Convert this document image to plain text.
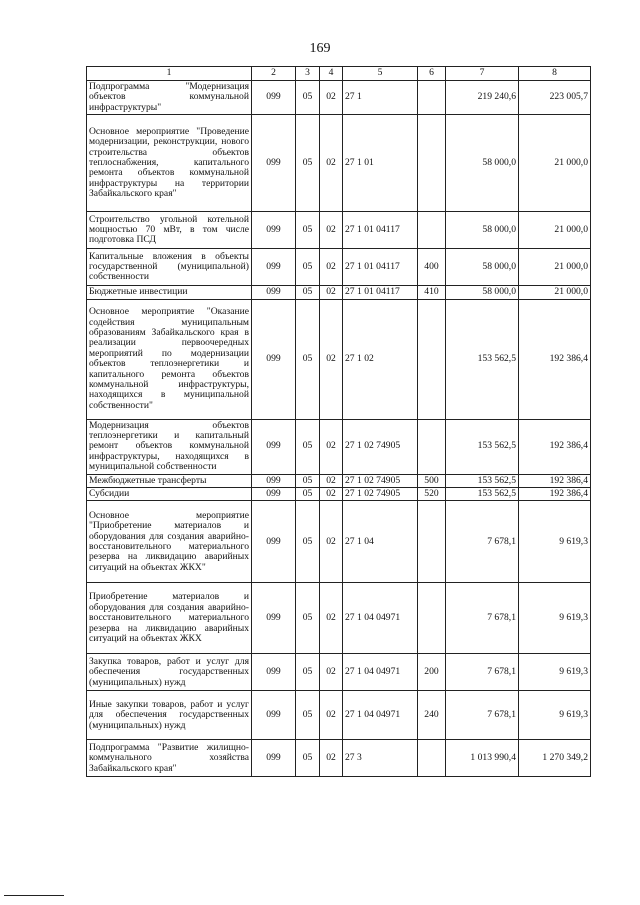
169
1	2	3	4	5	6	7	8
Подпрограмма "Модернизация объектов коммунальной инфраструктуры"	099	05	02	27 1		219 240,6	223 005,7
Основное мероприятие "Проведение модернизации, реконструкции, нового строительства объектов теплоснабжения, капитального ремонта объектов коммунальной инфраструктуры на территории Забайкальского края"	099	05	02	27 1 01		58 000,0	21 000,0
Строительство угольной котельной мощностью 70 мВт, в том числе подготовка ПСД	099	05	02	27 1 01 04117		58 000,0	21 000,0
Капитальные вложения в объекты государственной (муниципальной) собственности	099	05	02	27 1 01 04117	400	58 000,0	21 000,0
Бюджетные инвестиции	099	05	02	27 1 01 04117	410	58 000,0	21 000,0
Основное мероприятие "Оказание содействия муниципальным образованиям Забайкальского края в реализации первоочередных мероприятий по модернизации объектов теплоэнергетики и капитального ремонта объектов коммунальной инфраструктуры, находящихся в муниципальной собственности"	099	05	02	27 1 02		153 562,5	192 386,4
Модернизация объектов теплоэнергетики и капитальный ремонт объектов коммунальной инфраструктуры, находящихся в муниципальной собственности	099	05	02	27 1 02 74905		153 562,5	192 386,4
Межбюджетные трансферты	099	05	02	27 1 02 74905	500	153 562,5	192 386,4
Субсидии	099	05	02	27 1 02 74905	520	153 562,5	192 386,4
Основное мероприятие "Приобретение материалов и оборудования для создания аварийно-восстановительного материального резерва на ликвидацию аварийных ситуаций на объектах ЖКХ"	099	05	02	27 1 04		7 678,1	9 619,3
Приобретение материалов и оборудования для создания аварийно-восстановительного материального резерва на ликвидацию аварийных ситуаций на объектах ЖКХ	099	05	02	27 1 04 04971		7 678,1	9 619,3
Закупка товаров, работ и услуг для обеспечения государственных (муниципальных) нужд	099	05	02	27 1 04 04971	200	7 678,1	9 619,3
Иные закупки товаров, работ и услуг для обеспечения государственных (муниципальных) нужд	099	05	02	27 1 04 04971	240	7 678,1	9 619,3
Подпрограмма "Развитие жилищно-коммунального хозяйства Забайкальского края"	099	05	02	27 3		1 013 990,4	1 270 349,2
